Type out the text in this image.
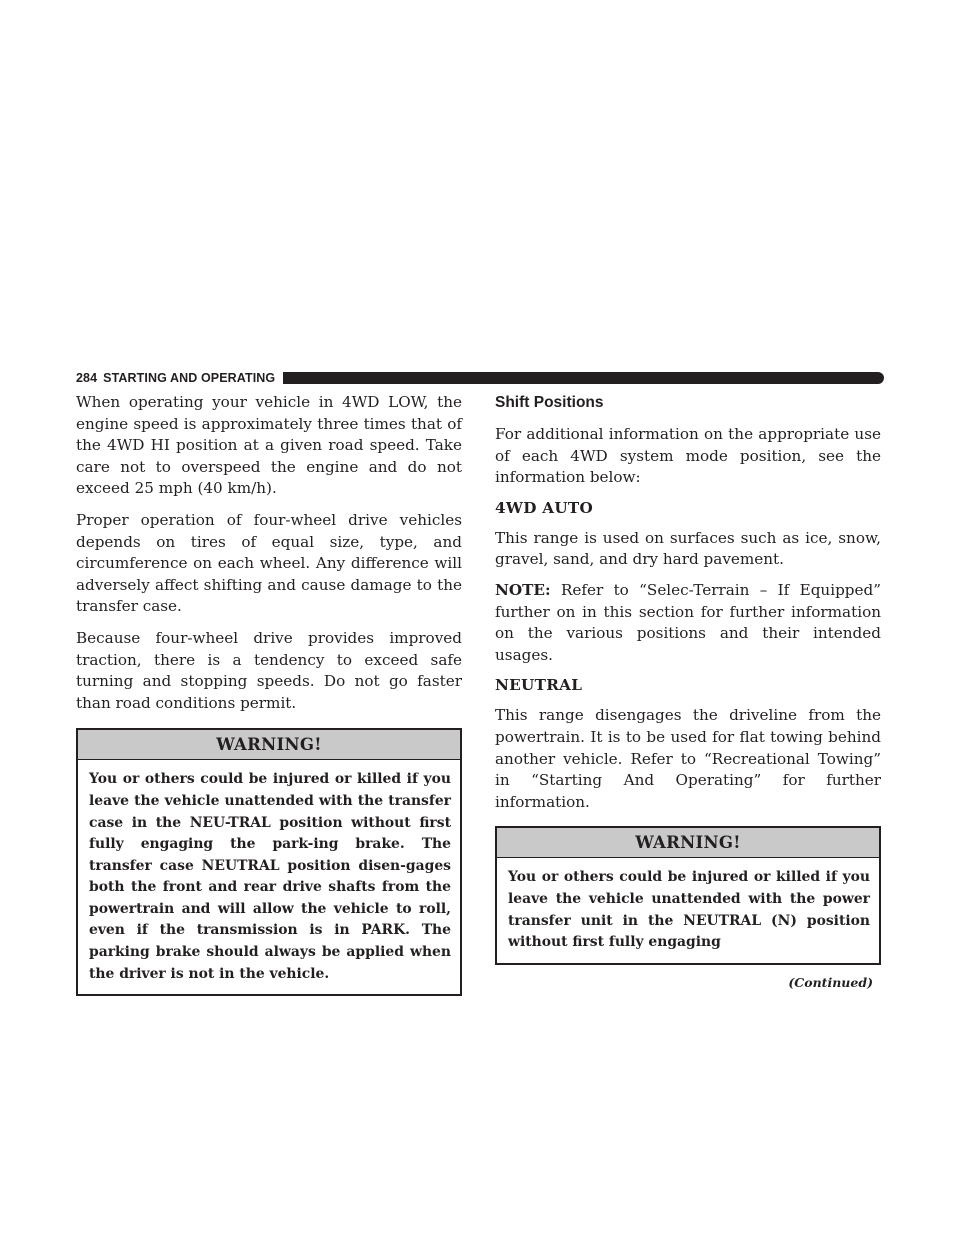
284 STARTING AND OPERATING

When operating your vehicle in 4WD LOW, the engine speed is approximately three times that of the 4WD HI position at a given road speed. Take care not to overspeed the engine and do not exceed 25 mph (40 km/h).

Proper operation of four-wheel drive vehicles depends on tires of equal size, type, and circumference on each wheel. Any difference will adversely affect shifting and cause damage to the transfer case.

Because four-wheel drive provides improved traction, there is a tendency to exceed safe turning and stopping speeds. Do not go faster than road conditions permit.

WARNING!
You or others could be injured or killed if you leave the vehicle unattended with the transfer case in the NEU-TRAL position without first fully engaging the park-ing brake. The transfer case NEUTRAL position disen-gages both the front and rear drive shafts from the powertrain and will allow the vehicle to roll, even if the transmission is in PARK. The parking brake should always be applied when the driver is not in the vehicle.
Shift Positions

For additional information on the appropriate use of each 4WD system mode position, see the information below:

4WD AUTO

This range is used on surfaces such as ice, snow, gravel, sand, and dry hard pavement.

NOTE: Refer to “Selec-Terrain – If Equipped” further on in this section for further information on the various positions and their intended usages.

NEUTRAL

This range disengages the driveline from the powertrain. It is to be used for flat towing behind another vehicle. Refer to “Recreational Towing” in “Starting And Operating” for further information.

WARNING!
You or others could be injured or killed if you leave the vehicle unattended with the power transfer unit in the NEUTRAL (N) position without first fully engaging
(Continued)
